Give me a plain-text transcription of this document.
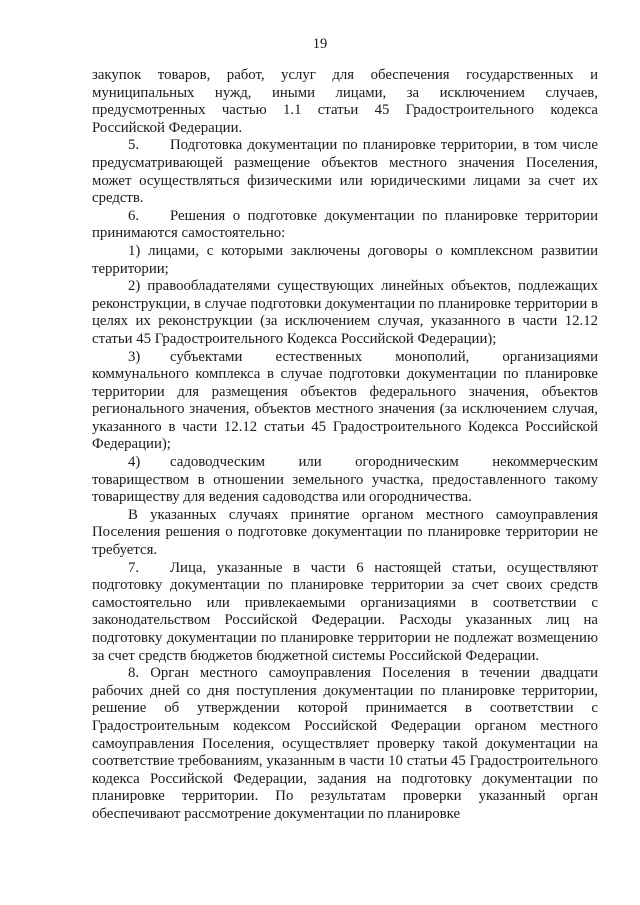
19

закупок товаров, работ, услуг для обеспечения государственных и муниципальных нужд, иными лицами, за исключением случаев, предусмотренных частью 1.1 статьи 45 Градостроительного кодекса Российской Федерации.

5. Подготовка документации по планировке территории, в том числе предусматривающей размещение объектов местного значения Поселения, может осуществляться физическими или юридическими лицами за счет их средств.

6. Решения о подготовке документации по планировке территории принимаются самостоятельно:

1) лицами, с которыми заключены договоры о комплексном развитии территории;

2) правообладателями существующих линейных объектов, подлежащих реконструкции, в случае подготовки документации по планировке территории в целях их реконструкции (за исключением случая, указанного в части 12.12 статьи 45 Градостроительного Кодекса Российской Федерации);

3) субъектами естественных монополий, организациями коммунального комплекса в случае подготовки документации по планировке территории для размещения объектов федерального значения, объектов регионального значения, объектов местного значения (за исключением случая, указанного в части 12.12 статьи 45 Градостроительного Кодекса Российской Федерации);

4) садоводческим или огородническим некоммерческим товариществом в отношении земельного участка, предоставленного такому товариществу для ведения садоводства или огородничества.

В указанных случаях принятие органом местного самоуправления Поселения решения о подготовке документации по планировке территории не требуется.

7. Лица, указанные в части 6 настоящей статьи, осуществляют подготовку документации по планировке территории за счет своих средств самостоятельно или привлекаемыми организациями в соответствии с законодательством Российской Федерации. Расходы указанных лиц на подготовку документации по планировке территории не подлежат возмещению за счет средств бюджетов бюджетной системы Российской Федерации.

8. Орган местного самоуправления Поселения в течении двадцати рабочих дней со дня поступления документации по планировке территории, решение об утверждении которой принимается в соответствии с Градостроительным кодексом Российской Федерации органом местного самоуправления Поселения, осуществляет проверку такой документации на соответствие требованиям, указанным в части 10 статьи 45 Градостроительного кодекса Российской Федерации, задания на подготовку документации по планировке территории. По результатам проверки указанный орган обеспечивают рассмотрение документации по планировке
